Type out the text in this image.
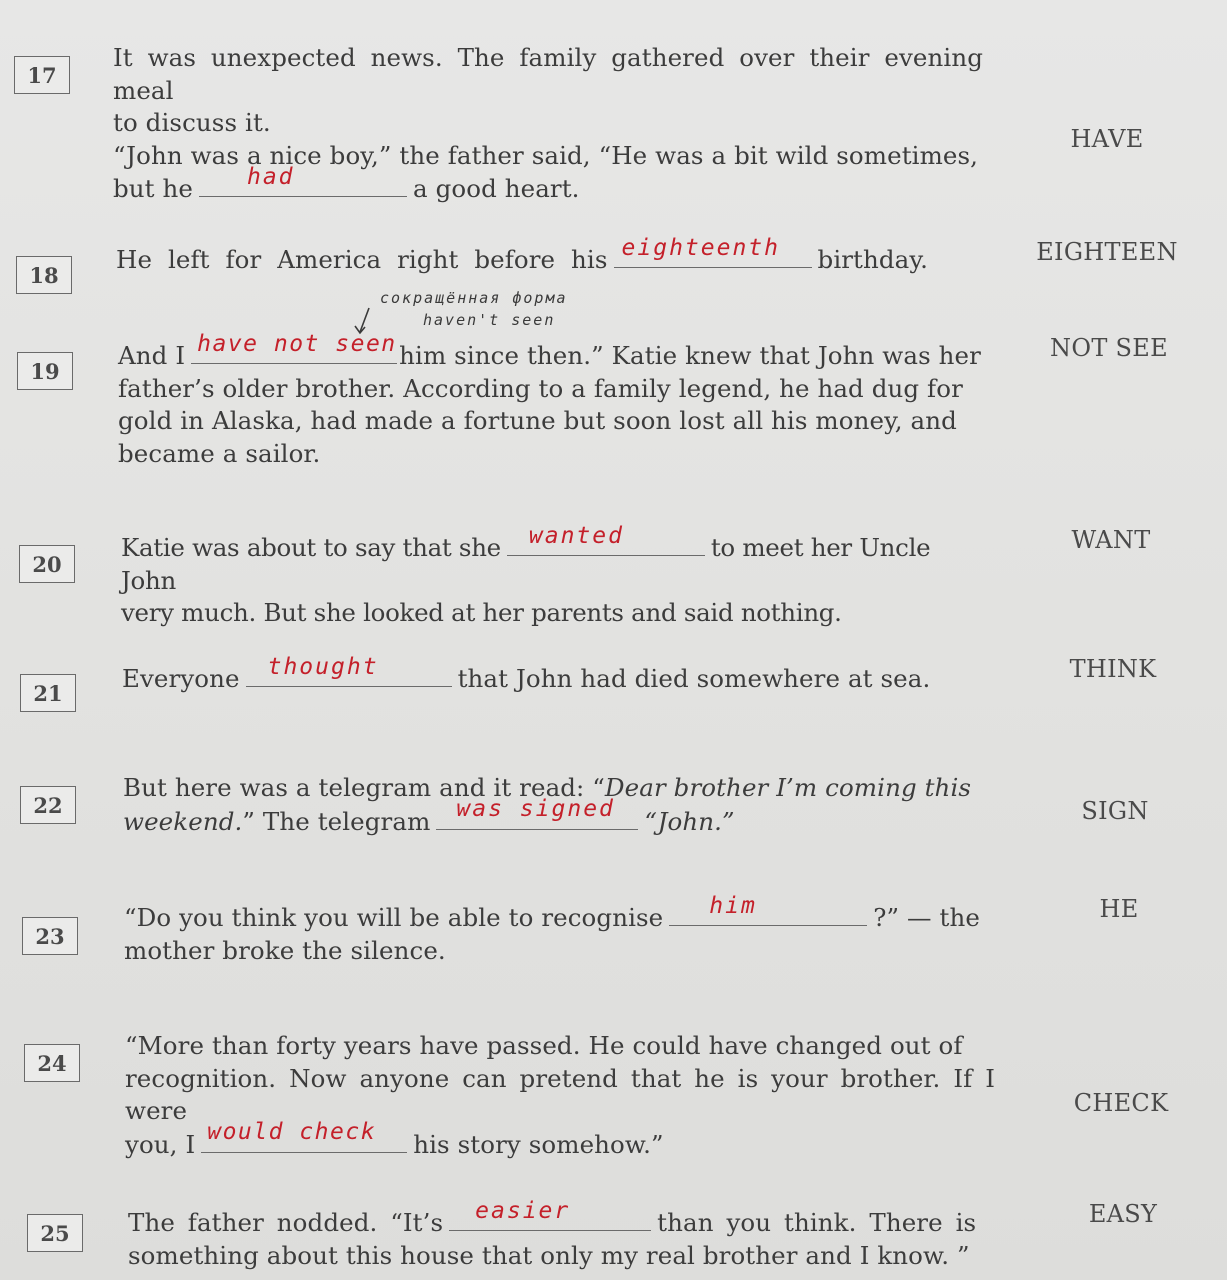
17
It was unexpected news. The family gathered over their evening meal
to discuss it.
“John was a nice boy,” the father said, “He was a bit wild sometimes,
but he had	a good heart.
HAVE
18
He left for America right before his eighteenth birthday.	EIGHTEEN
сокращённая форма
haven't seen
19
And I have not seen him since then.” Katie knew that John was her
father’s older brother. According to a family legend, he had dug for
gold in Alaska, had made a fortune but soon lost all his money, and
became a sailor.
NOT SEE
20
Katie was about to say that she wanted	to meet her Uncle John
very much. But she looked at her parents and said nothing.
WANT
21	Everyone thought	that John had died somewhere at sea.	THINK
22
But here was a telegram and it read: “Dear brother I’m coming this
weekend.” The telegram was signed “John.”	SIGN
23
“Do you think you will be able to recognise him	?” — the
mother broke the silence.
HE
24
“More than forty years have passed. He could have changed out of
recognition. Now anyone can pretend that he is your brother. If I were
you, I would check his story somehow.”
CHECK
25	The father nodded. “It’s easier	than you think. There is
something about this house that only my real brother and I know. ”
EASY
